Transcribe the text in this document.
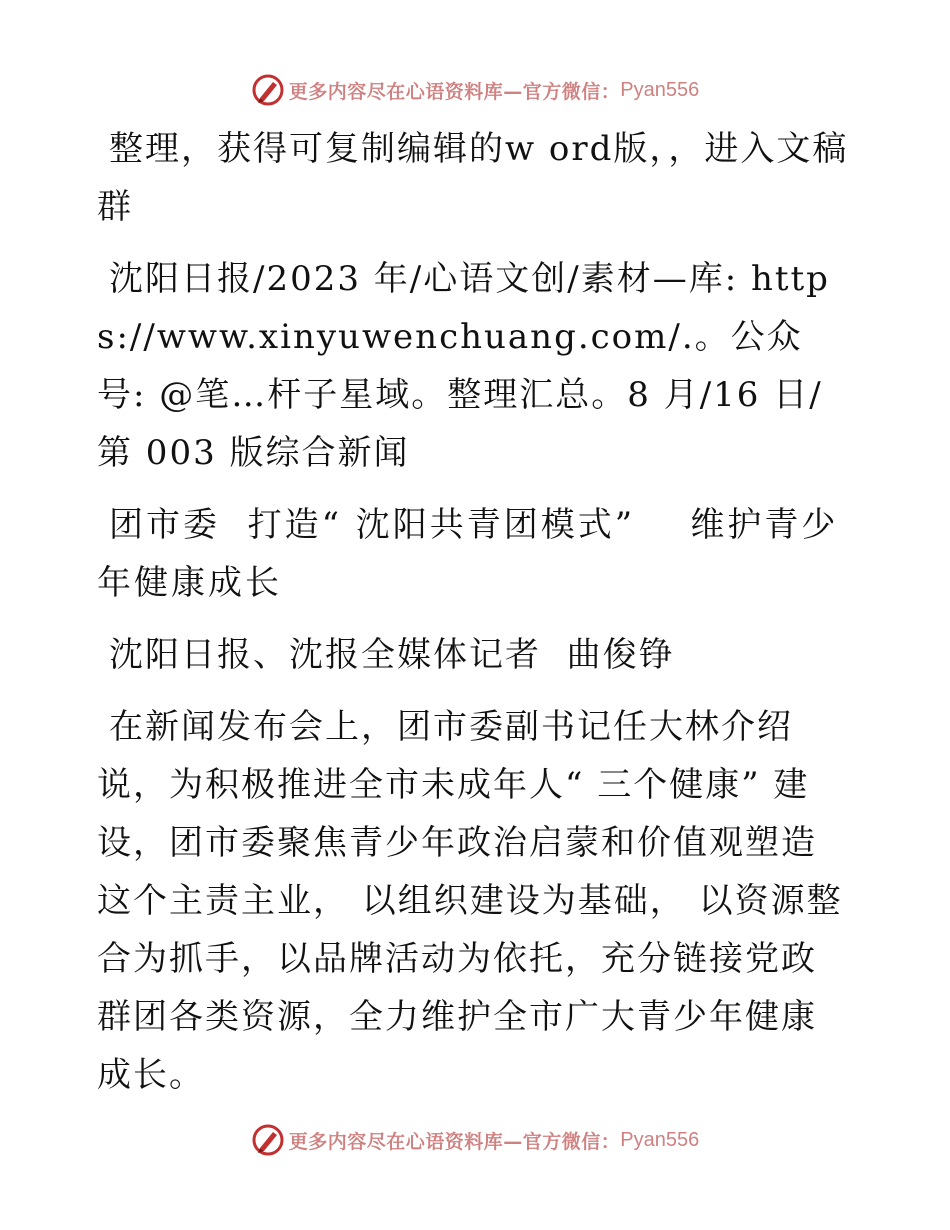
更多内容尽在心语资料库—官方微信： Pyan556

整理，获得可复制编辑的w ord版，，进入文稿群

沈阳日报/2023 年/心语文创/素材—库: https://www.xinyuwenchuang.com/.。公众号: @笔…杆子星域。整理汇总。8 月/16 日/第 003 版综合新闻

团市委  打造“ 沈阳共青团模式”    维护青少年健康成长

沈阳日报、沈报全媒体记者  曲俊铮

在新闻发布会上，团市委副书记任大林介绍说，为积极推进全市未成年人“ 三个健康” 建设，团市委聚焦青少年政治启蒙和价值观塑造这个主责主业， 以组织建设为基础， 以资源整合为抓手，以品牌活动为依托，充分链接党政群团各类资源，全力维护全市广大青少年健康成长。

更多内容尽在心语资料库—官方微信： Pyan556
